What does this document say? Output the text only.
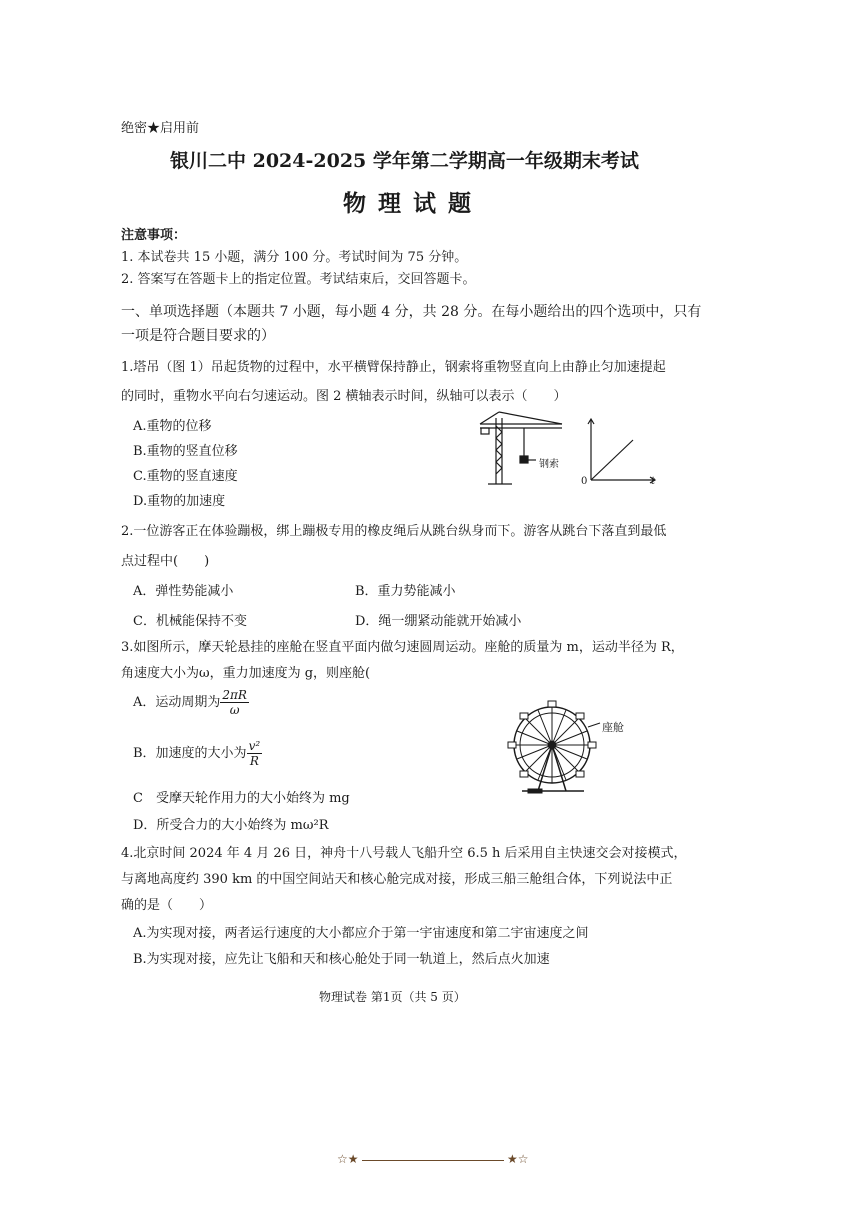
绝密★启用前
银川二中 2024-2025 学年第二学期高一年级期末考试
物 理 试 题
注意事项：
1. 本试卷共 15 小题，满分 100 分。考试时间为 75 分钟。
2. 答案写在答题卡上的指定位置。考试结束后，交回答题卡。
一、单项选择题（本题共 7 小题，每小题 4 分，共 28 分。在每小题给出的四个选项中，只有
一项是符合题目要求的）
1.塔吊（图 1）吊起货物的过程中，水平横臂保持静止，钢索将重物竖直向上由静止匀加速提起
的同时，重物水平向右匀速运动。图 2 横轴表示时间，纵轴可以表示（　　）
A.重物的位移
B.重物的竖直位移
C.重物的竖直速度
D.重物的加速度
钢索
0	t
2.一位游客正在体验蹦极，绑上蹦极专用的橡皮绳后从跳台纵身而下。游客从跳台下落直到最低
点过程中(　　)
A．弹性势能减小	B．重力势能减小
C．机械能保持不变	D．绳一绷紧动能就开始减小
3.如图所示，摩天轮悬挂的座舱在竖直平面内做匀速圆周运动。座舱的质量为 m，运动半径为 R，
角速度大小为ω，重力加速度为 g，则座舱(
A．运动周期为 $\frac{2\pi R}{\omega}$
B．加速度的大小为 $\frac{\text{v²}}{R}$
C　受摩天轮作用力的大小始终为 mg
D．所受合力的大小始终为 mω²R
座舱
4.北京时间 2024 年 4 月 26 日，神舟十八号载人飞船升空 6.5 h 后采用自主快速交会对接模式，
与离地高度约 390 km 的中国空间站天和核心舱完成对接，形成三船三舱组合体，下列说法中正
确的是（　　）
A.为实现对接，两者运行速度的大小都应介于第一宇宙速度和第二宇宙速度之间
B.为实现对接，应先让飞船和天和核心舱处于同一轨道上，然后点火加速
物理试卷 第1页（共 5 页）
☆★	★☆
